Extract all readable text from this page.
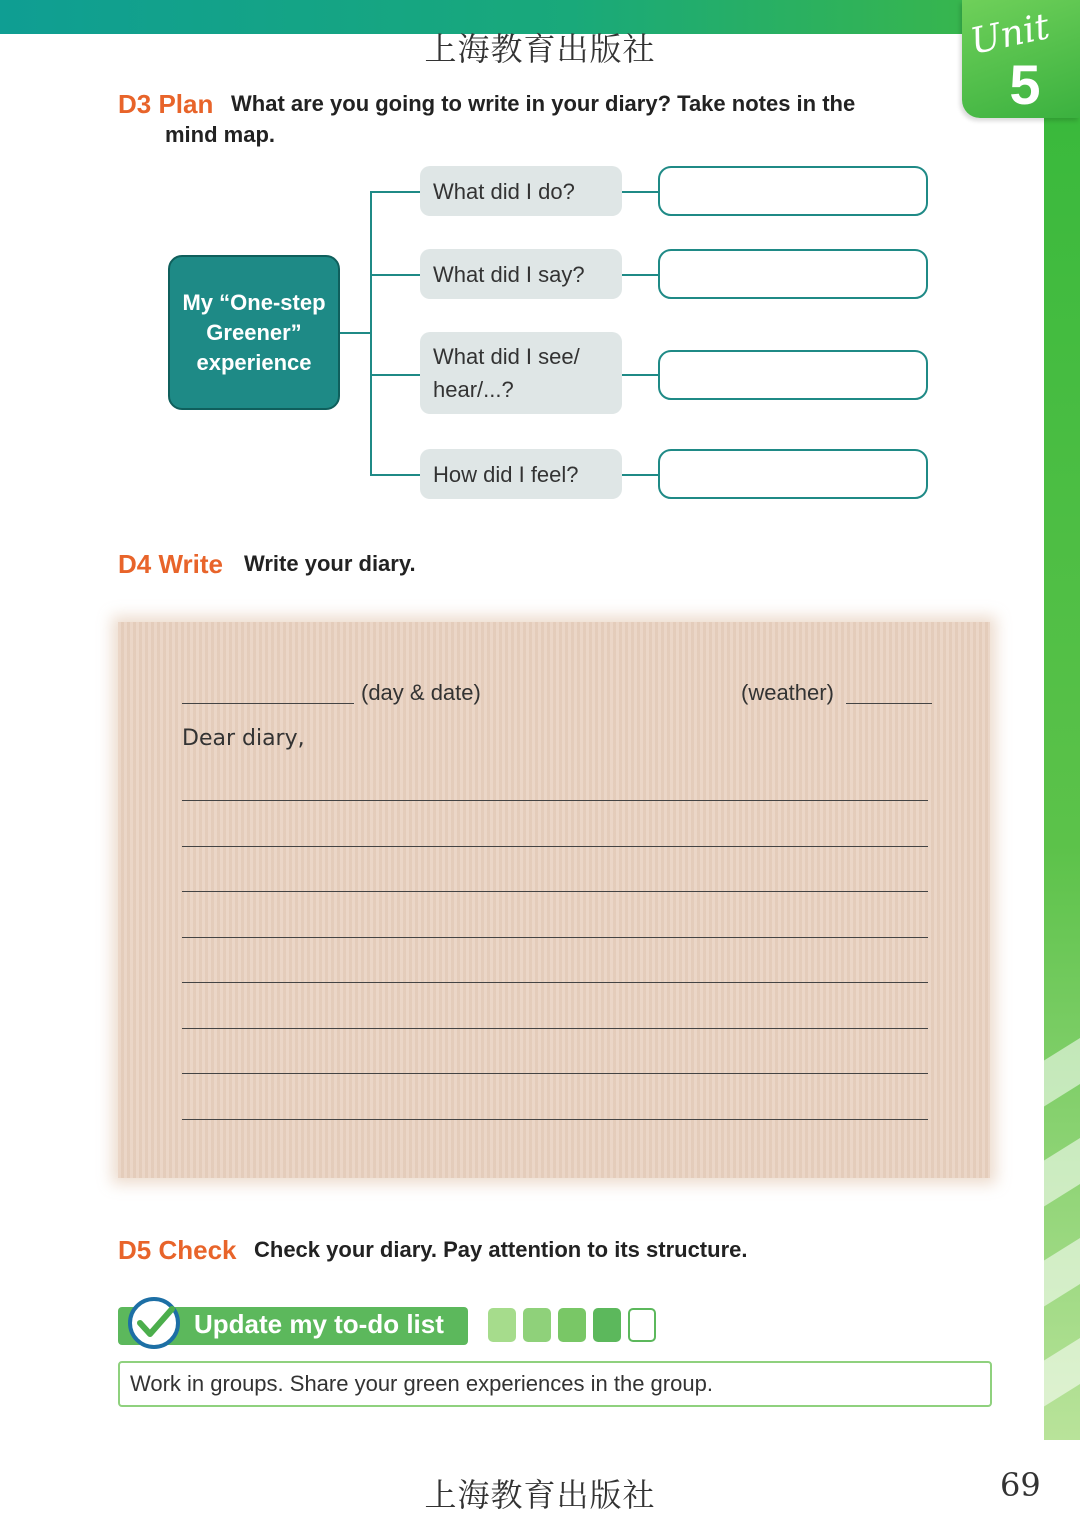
Unit
5
上海教育出版社
D3 Plan What are you going to write in your diary? Take notes in the
mind map.
My “One-step Greener” experience
What did I do?
What did I say?
What did I see/ hear/...?
How did I feel?
D4 Write Write your diary.
(day & date)	(weather)
Dear diary,
D5 Check Check your diary. Pay attention to its structure.
Update my to-do list
Work in groups. Share your green experiences in the group.
上海教育出版社	69
